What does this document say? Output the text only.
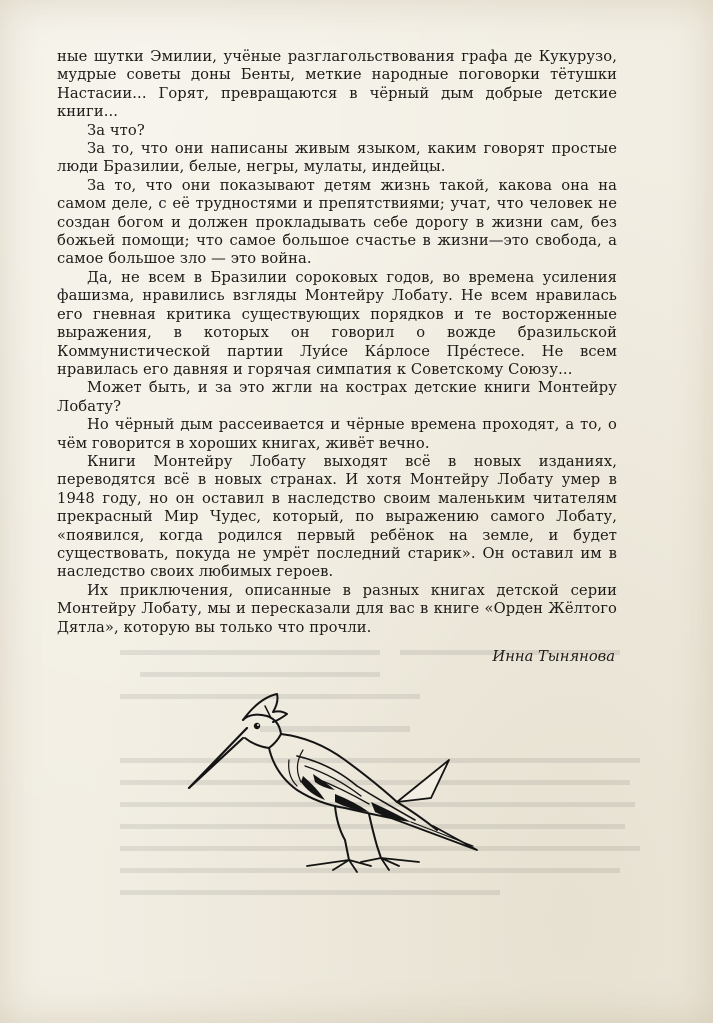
ные шутки Эмилии, учёные разглагольствования графа де Кукурузо, мудрые советы доны Бенты, меткие народные поговорки тётушки Настасии... Горят, превращаются в чёрный дым добрые детские книги...

За что?

За то, что они написаны живым языком, каким говорят простые люди Бразилии, белые, негры, мулаты, индейцы.

За то, что они показывают детям жизнь такой, какова она на самом деле, с её трудностями и препятствиями; учат, что человек не создан богом и должен прокладывать себе дорогу в жизни сам, без божьей помощи; что самое большое счастье в жизни—это свобода, а самое большое зло — это война.

Да, не всем в Бразилии сороковых годов, во времена усиления фашизма, нравились взгляды Монтейру Лобату. Не всем нравилась его гневная критика существующих порядков и те восторженные выражения, в которых он говорил о вожде бразильской Коммунистической партии Луи́се Ка́рлосе Пре́стесе. Не всем нравилась его давняя и горячая симпатия к Советскому Союзу...

Может быть, и за это жгли на кострах детские книги Монтейру Лобату?

Но чёрный дым рассеивается и чёрные времена проходят, а то, о чём говорится в хороших книгах, живёт вечно.

Книги Монтейру Лобату выходят всё в новых изданиях, переводятся всё в новых странах. И хотя Монтейру Лобату умер в 1948 году, но он оставил в наследство своим маленьким читателям прекрасный Мир Чудес, который, по выражению самого Лобату, «появился, когда родился первый ребёнок на земле, и будет существовать, покуда не умрёт последний старик». Он оставил им в наследство своих любимых героев.

Их приключения, описанные в разных книгах детской серии Монтейру Лобату, мы и пересказали для вас в книге «Орден Жёлтого Дятла», которую вы только что прочли.

Инна Тынянова
